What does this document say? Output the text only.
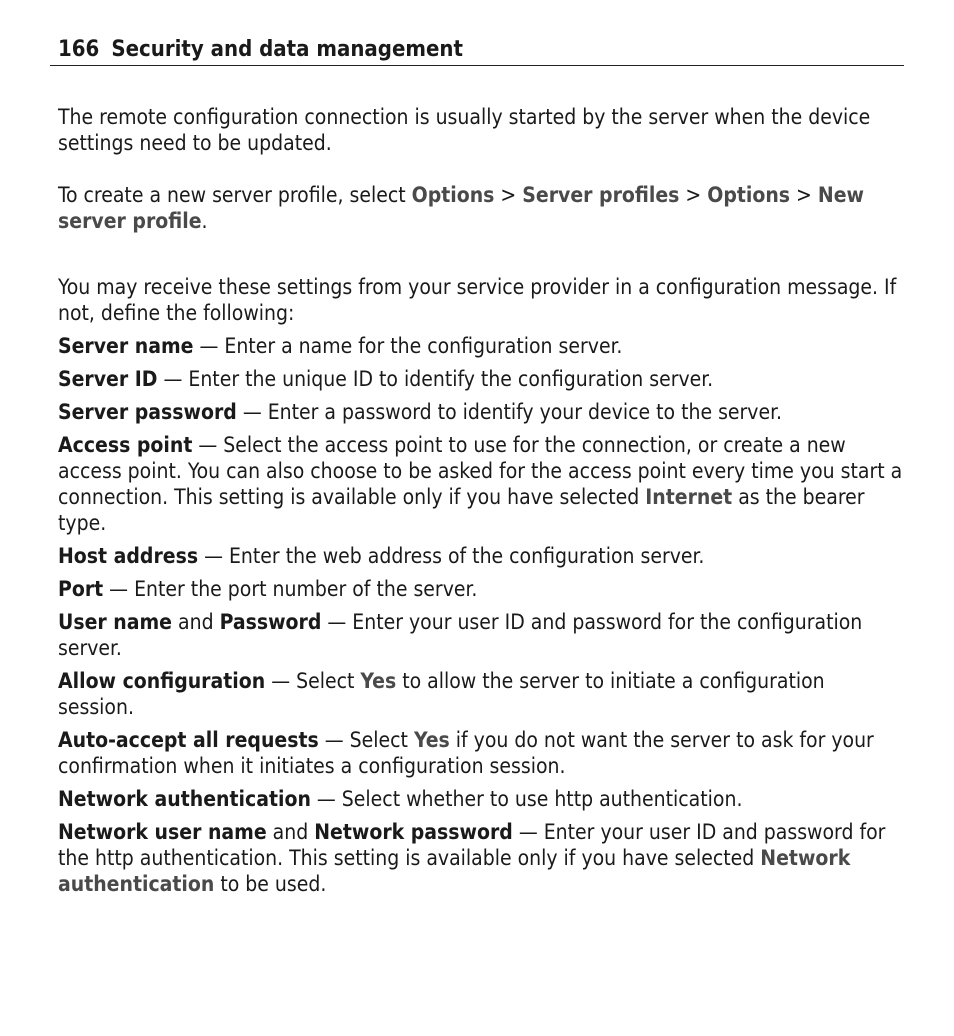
166 Security and data management

The remote configuration connection is usually started by the server when the device settings need to be updated.

To create a new server profile, select Options > Server profiles > Options > New server profile.

You may receive these settings from your service provider in a configuration message. If not, define the following:

Server name — Enter a name for the configuration server.

Server ID — Enter the unique ID to identify the configuration server.

Server password — Enter a password to identify your device to the server.

Access point — Select the access point to use for the connection, or create a new access point. You can also choose to be asked for the access point every time you start a connection. This setting is available only if you have selected Internet as the bearer type.

Host address — Enter the web address of the configuration server.

Port — Enter the port number of the server.

User name and Password — Enter your user ID and password for the configuration server.

Allow configuration — Select Yes to allow the server to initiate a configuration session.

Auto-accept all requests — Select Yes if you do not want the server to ask for your confirmation when it initiates a configuration session.

Network authentication — Select whether to use http authentication.

Network user name and Network password — Enter your user ID and password for the http authentication. This setting is available only if you have selected Network authentication to be used.
